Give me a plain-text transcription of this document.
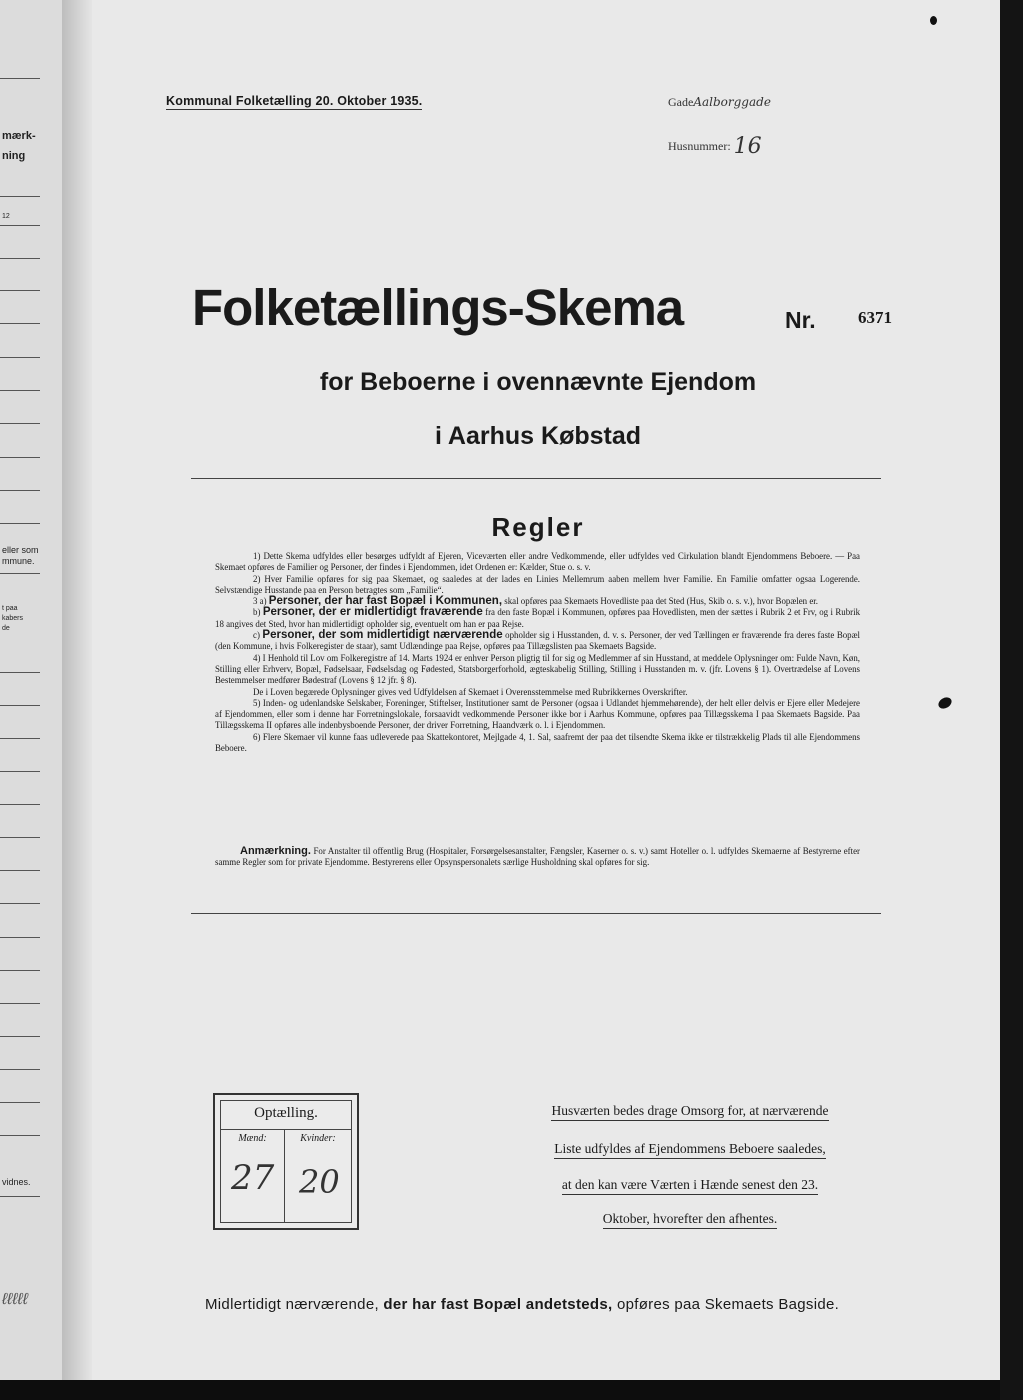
mærk-
ning
12
eller som
mmune.
t paa
kabers
de
vidnes.
ℓℓℓℓℓ
Kommunal Folketælling 20. Oktober 1935.	GadeAalborggade
Husnummer: 16
Folketællings-Skema	Nr. 6371
for Beboerne i ovennævnte Ejendom
i Aarhus Købstad
Regler

1) Dette Skema udfyldes eller besørges udfyldt af Ejeren, Viceværten eller andre Vedkommende, eller udfyldes ved Cirkulation blandt Ejendommens Beboere. — Paa Skemaet opføres de Familier og Personer, der findes i Ejendommen, idet Ordenen er: Kælder, Stue o. s. v.

2) Hver Familie opføres for sig paa Skemaet, og saaledes at der lades en Linies Mellemrum aaben mellem hver Familie. En Familie omfatter ogsaa Logerende. Selvstændige Husstande paa en Person betragtes som „Familie“.

3 a) Personer, der har fast Bopæl i Kommunen, skal opføres paa Skemaets Hovedliste paa det Sted (Hus, Skib o. s. v.), hvor Bopælen er.

b) Personer, der er midlertidigt fraværende fra den faste Bopæl i Kommunen, opføres paa Hovedlisten, men der sættes i Rubrik 2 et Frv, og i Rubrik 18 angives det Sted, hvor han midlertidigt opholder sig, eventuelt om han er paa Rejse.

c) Personer, der som midlertidigt nærværende opholder sig i Husstanden, d. v. s. Personer, der ved Tællingen er fraværende fra deres faste Bopæl (den Kommune, i hvis Folkeregister de staar), samt Udlændinge paa Rejse, opføres paa Tillægslisten paa Skemaets Bagside.

4) I Henhold til Lov om Folkeregistre af 14. Marts 1924 er enhver Person pligtig til for sig og Medlemmer af sin Husstand, at meddele Oplysninger om: Fulde Navn, Køn, Stilling eller Erhverv, Bopæl, Fødselsaar, Fødselsdag og Fødested, Statsborgerforhold, ægteskabelig Stilling, Stilling i Husstanden m. v. (jfr. Lovens § 1). Overtrædelse af Lovens Bestemmelser medfører Bødestraf (Lovens § 12 jfr. § 8).

De i Loven begærede Oplysninger gives ved Udfyldelsen af Skemaet i Overensstemmelse med Rubrikkernes Overskrifter.

5) Inden- og udenlandske Selskaber, Foreninger, Stiftelser, Institutioner samt de Personer (ogsaa i Udlandet hjemmehørende), der helt eller delvis er Ejere eller Medejere af Ejendommen, eller som i denne har Forretningslokale, forsaavidt vedkommende Personer ikke bor i Aarhus Kommune, opføres paa Tillægsskema I paa Skemaets Bagside. Paa Tillægsskema II opføres alle indenbysboende Personer, der driver Forretning, Haandværk o. l. i Ejendommen.

6) Flere Skemaer vil kunne faas udleverede paa Skattekontoret, Mejlgade 4, 1. Sal, saafremt der paa det tilsendte Skema ikke er tilstrækkelig Plads til alle Ejendommens Beboere.

Anmærkning. For Anstalter til offentlig Brug (Hospitaler, Forsørgelsesanstalter, Fængsler, Kaserner o. s. v.) samt Hoteller o. l. udfyldes Skemaerne af Bestyrerne efter samme Regler som for private Ejendomme. Bestyrerens eller Opsynspersonalets særlige Husholdning skal opføres for sig.

Optælling.
Mænd:	Kvinder:
27 20
Husværten bedes drage Omsorg for, at nærværende
Liste udfyldes af Ejendommens Beboere saaledes,
at den kan være Værten i Hænde senest den 23.
Oktober, hvorefter den afhentes.
Midlertidigt nærværende, der har fast Bopæl andetsteds, opføres paa Skemaets Bagside.
